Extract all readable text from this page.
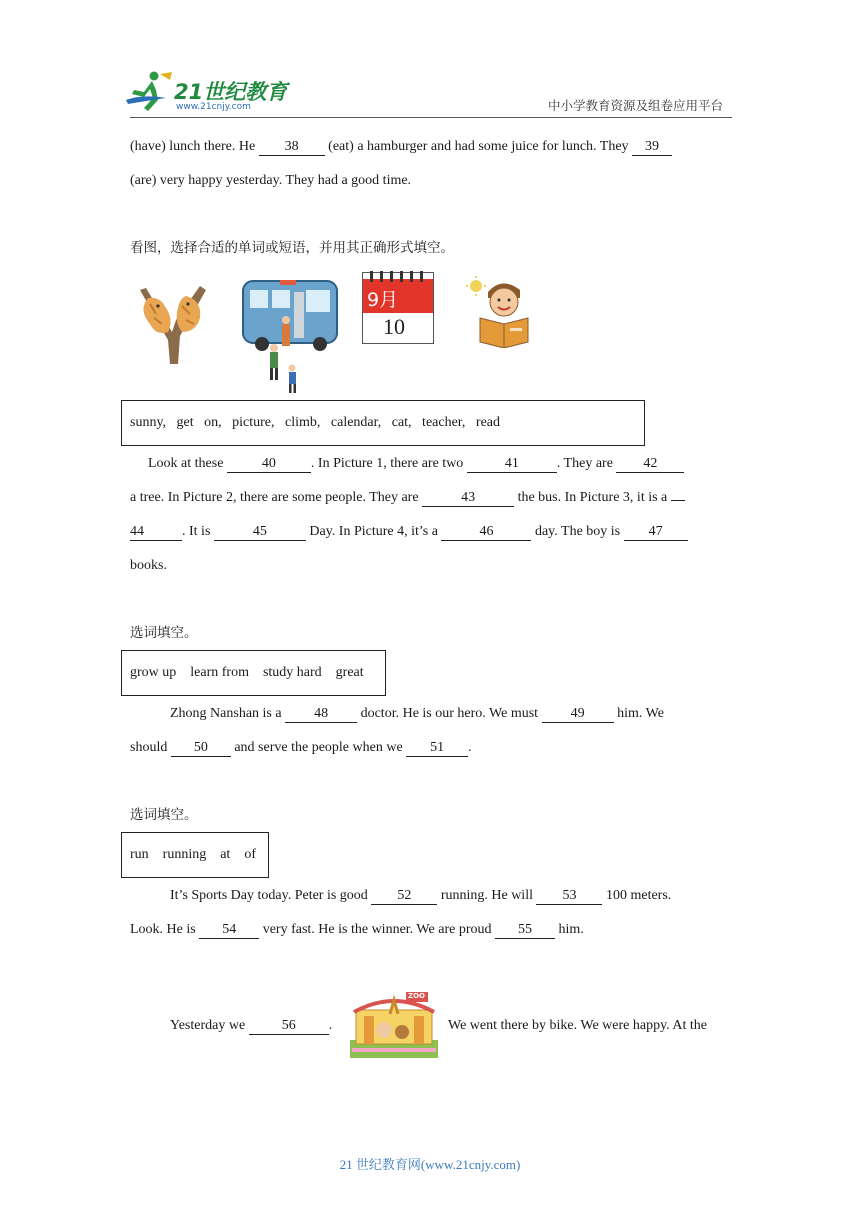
21世纪教育
www.21cnjy.com	中小学教育资源及组卷应用平台
(have) lunch there. He 38 (eat) a hamburger and had some juice for lunch. They 39
(are) very happy yesterday. They had a good time.
看图，选择合适的单词或短语，并用其正确形式填空。
9月
10
sunny,   get   on,   picture,   climb,   calendar,   cat,   teacher,   read
Look at these	40	. In Picture 1, there are two	41	. They are 42
a tree. In Picture 2, there are some people. They are	43	the bus. In Picture 3, it is a
44	. It is	45	Day. In Picture 4, it’s a	46	day. The boy is 47
books.
选词填空。
grow up    learn from    study hard    great
Zhong Nanshan is a 48 doctor. He is our hero. We must 49 him. We
should 50 and serve the people when we 51 .
选词填空。
run    running    at    of
It’s Sports Day today. Peter is good 52 running. He will 53 100 meters.
Look. He is 54 very fast. He is the winner. We are proud 55 him.
Yesterday we 56 .
ZOO
We went there by bike. We were happy. At the
21 世纪教育网(www.21cnjy.com)
